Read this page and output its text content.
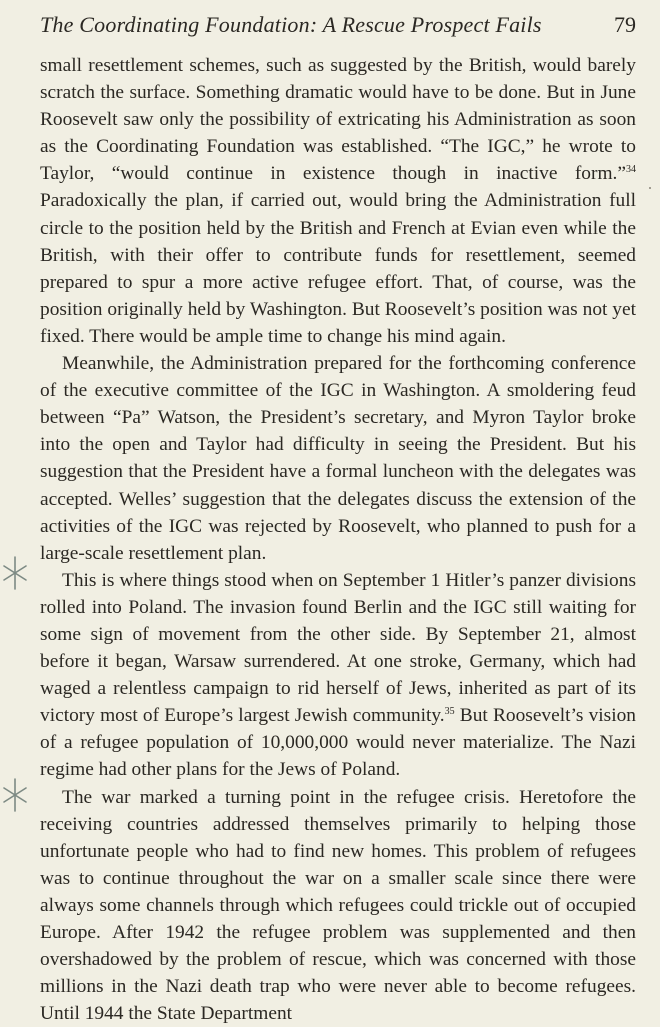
The Coordinating Foundation: A Rescue Prospect Fails	79

small resettlement schemes, such as suggested by the British, would barely scratch the surface. Something dramatic would have to be done. But in June Roosevelt saw only the possibility of extricating his Administration as soon as the Coordinating Foundation was established. “The IGC,” he wrote to Taylor, “would continue in existence though in inactive form.”$^{34}$ Paradoxically the plan, if carried out, would bring the Administration full circle to the position held by the British and French at Evian even while the British, with their offer to contribute funds for resettlement, seemed prepared to spur a more active refugee effort. That, of course, was the position originally held by Washington. But Roosevelt’s position was not yet fixed. There would be ample time to change his mind again.

Meanwhile, the Administration prepared for the forthcoming conference of the executive committee of the IGC in Washington. A smoldering feud between “Pa” Watson, the President’s secretary, and Myron Taylor broke into the open and Taylor had difficulty in seeing the President. But his suggestion that the President have a formal luncheon with the delegates was accepted. Welles’ suggestion that the delegates discuss the extension of the activities of the IGC was rejected by Roosevelt, who planned to push for a large-scale resettlement plan.

This is where things stood when on September 1 Hitler’s panzer divisions rolled into Poland. The invasion found Berlin and the IGC still waiting for some sign of movement from the other side. By September 21, almost before it began, Warsaw surrendered. At one stroke, Germany, which had waged a relentless campaign to rid herself of Jews, inherited as part of its victory most of Europe’s largest Jewish community.$^{35}$ But Roosevelt’s vision of a refugee population of 10,000,000 would never materialize. The Nazi regime had other plans for the Jews of Poland.

The war marked a turning point in the refugee crisis. Heretofore the receiving countries addressed themselves primarily to helping those unfortunate people who had to find new homes. This problem of refugees was to continue throughout the war on a smaller scale since there were always some channels through which refugees could trickle out of occupied Europe. After 1942 the refugee problem was supplemented and then overshadowed by the problem of rescue, which was concerned with those millions in the Nazi death trap who were never able to become refugees. Until 1944 the State Department
